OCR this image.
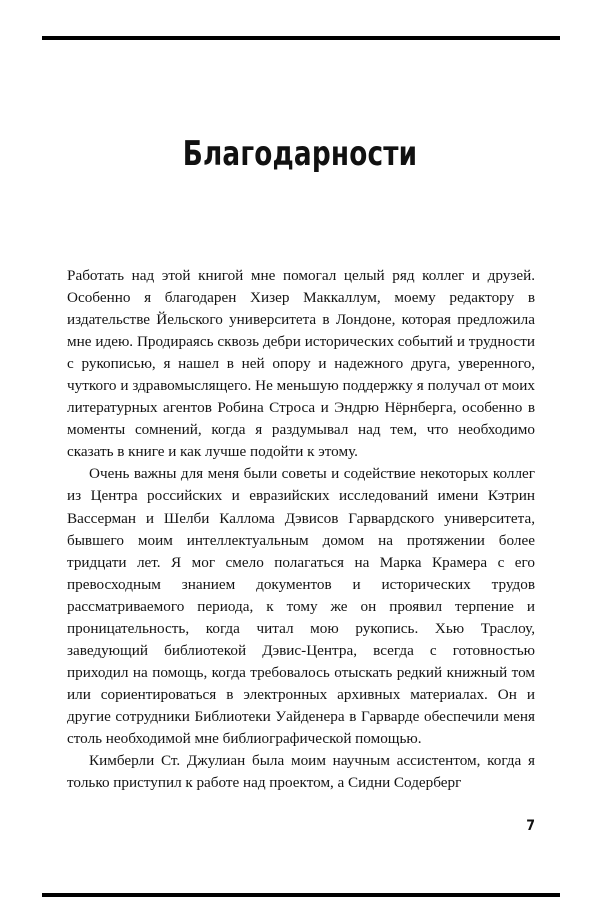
Благодарности

Работать над этой книгой мне помогал целый ряд коллег и друзей. Особенно я благодарен Хизер Маккаллум, моему редактору в издательстве Йельского университета в Лондоне, которая предложила мне идею. Продираясь сквозь дебри исторических событий и трудности с рукописью, я нашел в ней опору и надежного друга, уверенного, чуткого и здравомыслящего. Не меньшую поддержку я получал от моих литературных агентов Робина Строса и Эндрю Нёрнберга, особенно в моменты сомнений, когда я раздумывал над тем, что необходимо сказать в книге и как лучше подойти к этому.

Очень важны для меня были советы и содействие некоторых коллег из Центра российских и евразийских исследований имени Кэтрин Вассерман и Шелби Каллома Дэвисов Гарвардского университета, бывшего моим интеллектуальным домом на протяжении более тридцати лет. Я мог смело полагаться на Марка Крамера с его превосходным знанием документов и исторических трудов рассматриваемого периода, к тому же он проявил терпение и проницательность, когда читал мою рукопись. Хью Траслоу, заведующий библиотекой Дэвис-Центра, всегда с готовностью приходил на помощь, когда требовалось отыскать редкий книжный том или сориентироваться в электронных архивных материалах. Он и другие сотрудники Библиотеки Уайденера в Гарварде обеспечили меня столь необходимой мне библиографической помощью.

Кимберли Ст. Джулиан была моим научным ассистентом, когда я только приступил к работе над проектом, а Сидни Содерберг

7
